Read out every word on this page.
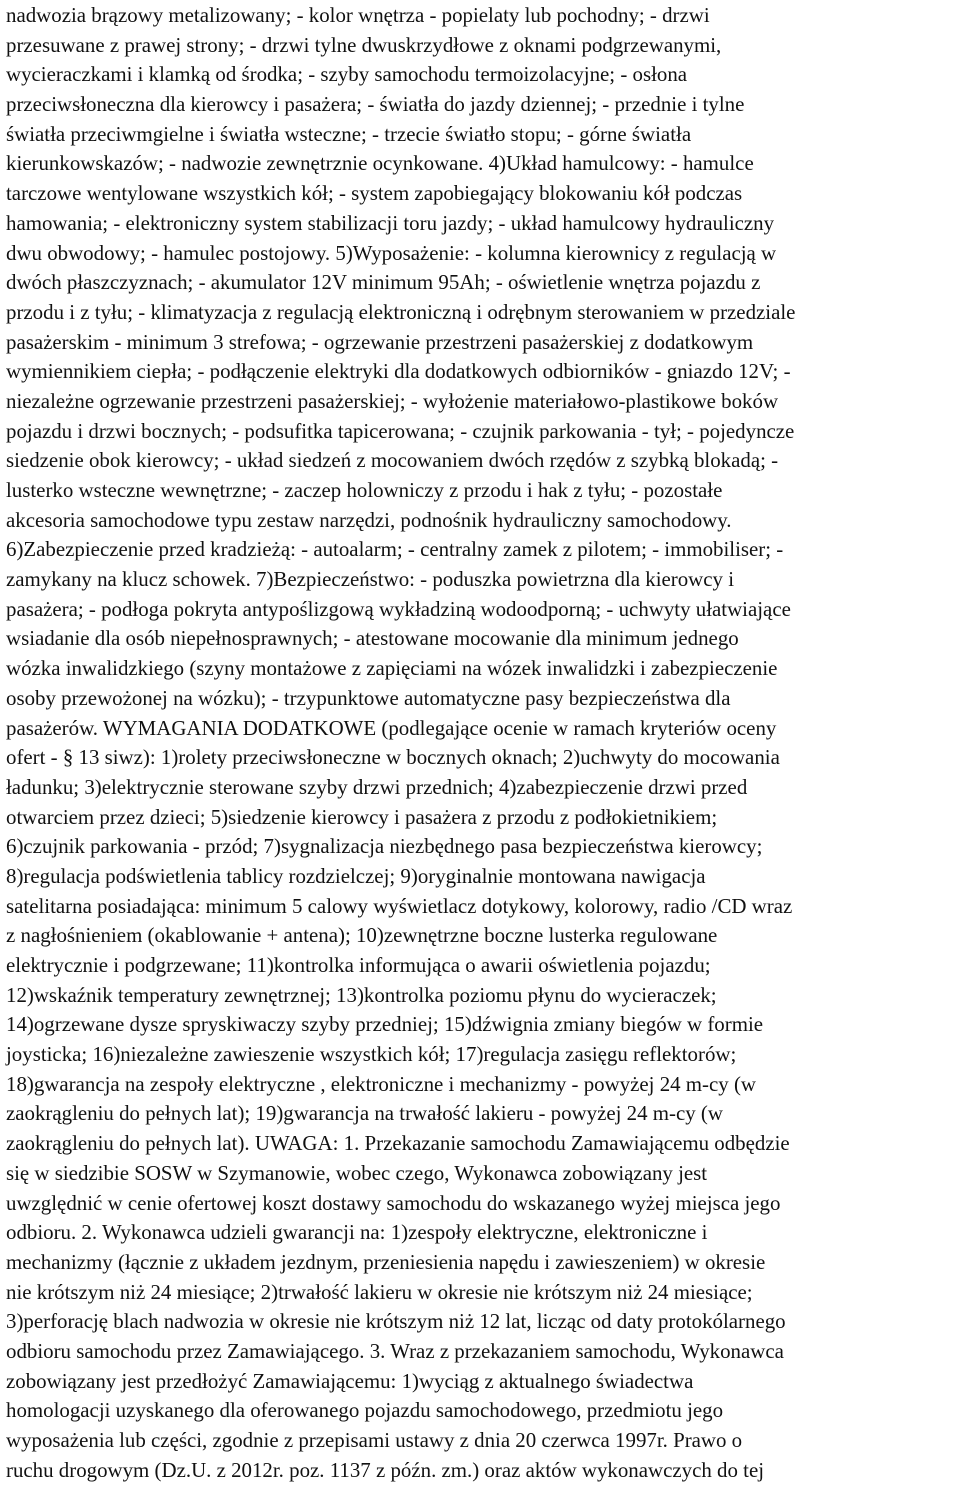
nadwozia brązowy metalizowany; - kolor wnętrza - popielaty lub pochodny; - drzwi
przesuwane z prawej strony; - drzwi tylne dwuskrzydłowe z oknami podgrzewanymi,
wycieraczkami i klamką od środka; - szyby samochodu termoizolacyjne; - osłona
przeciwsłoneczna dla kierowcy i pasażera; - światła do jazdy dziennej; - przednie i tylne
światła przeciwmgielne i światła wsteczne; - trzecie światło stopu; - górne światła
kierunkowskazów; - nadwozie zewnętrznie ocynkowane. 4)Układ hamulcowy: - hamulce
tarczowe wentylowane wszystkich kół; - system zapobiegający blokowaniu kół podczas
hamowania; - elektroniczny system stabilizacji toru jazdy; - układ hamulcowy hydrauliczny
dwu obwodowy; - hamulec postojowy. 5)Wyposażenie: - kolumna kierownicy z regulacją w
dwóch płaszczyznach; - akumulator 12V minimum 95Ah; - oświetlenie wnętrza pojazdu z
przodu i z tyłu; - klimatyzacja z regulacją elektroniczną i odrębnym sterowaniem w przedziale
pasażerskim - minimum 3 strefowa; - ogrzewanie przestrzeni pasażerskiej z dodatkowym
wymiennikiem ciepła; - podłączenie elektryki dla dodatkowych odbiorników - gniazdo 12V; -
niezależne ogrzewanie przestrzeni pasażerskiej; - wyłożenie materiałowo-plastikowe boków
pojazdu i drzwi bocznych; - podsufitka tapicerowana; - czujnik parkowania - tył; - pojedyncze
siedzenie obok kierowcy; - układ siedzeń z mocowaniem dwóch rzędów z szybką blokadą; -
lusterko wsteczne wewnętrzne; - zaczep holowniczy z przodu i hak z tyłu; - pozostałe
akcesoria samochodowe typu zestaw narzędzi, podnośnik hydrauliczny samochodowy.
6)Zabezpieczenie przed kradzieżą: - autoalarm; - centralny zamek z pilotem; - immobiliser; -
zamykany na klucz schowek. 7)Bezpieczeństwo: - poduszka powietrzna dla kierowcy i
pasażera; - podłoga pokryta antypoślizgową wykładziną wodoodporną; - uchwyty ułatwiające
wsiadanie dla osób niepełnosprawnych; - atestowane mocowanie dla minimum jednego
wózka inwalidzkiego (szyny montażowe z zapięciami na wózek inwalidzki i zabezpieczenie
osoby przewożonej na wózku); - trzypunktowe automatyczne pasy bezpieczeństwa dla
pasażerów. WYMAGANIA DODATKOWE (podlegające ocenie w ramach kryteriów oceny
ofert - § 13 siwz): 1)rolety przeciwsłoneczne w bocznych oknach; 2)uchwyty do mocowania
ładunku; 3)elektrycznie sterowane szyby drzwi przednich; 4)zabezpieczenie drzwi przed
otwarciem przez dzieci; 5)siedzenie kierowcy i pasażera z przodu z podłokietnikiem;
6)czujnik parkowania - przód; 7)sygnalizacja niezbędnego pasa bezpieczeństwa kierowcy;
8)regulacja podświetlenia tablicy rozdzielczej; 9)oryginalnie montowana nawigacja
satelitarna posiadająca: minimum 5 calowy wyświetlacz dotykowy, kolorowy, radio /CD wraz
z nagłośnieniem (okablowanie + antena); 10)zewnętrzne boczne lusterka regulowane
elektrycznie i podgrzewane; 11)kontrolka informująca o awarii oświetlenia pojazdu;
12)wskaźnik temperatury zewnętrznej; 13)kontrolka poziomu płynu do wycieraczek;
14)ogrzewane dysze spryskiwaczy szyby przedniej; 15)dźwignia zmiany biegów w formie
joysticka; 16)niezależne zawieszenie wszystkich kół; 17)regulacja zasięgu reflektorów;
18)gwarancja na zespoły elektryczne , elektroniczne i mechanizmy - powyżej 24 m-cy (w
zaokrągleniu do pełnych lat); 19)gwarancja na trwałość lakieru - powyżej 24 m-cy (w
zaokrągleniu do pełnych lat). UWAGA: 1. Przekazanie samochodu Zamawiającemu odbędzie
się w siedzibie SOSW w Szymanowie, wobec czego, Wykonawca zobowiązany jest
uwzględnić w cenie ofertowej koszt dostawy samochodu do wskazanego wyżej miejsca jego
odbioru. 2. Wykonawca udzieli gwarancji na: 1)zespoły elektryczne, elektroniczne i
mechanizmy (łącznie z układem jezdnym, przeniesienia napędu i zawieszeniem) w okresie
nie krótszym niż 24 miesiące; 2)trwałość lakieru w okresie nie krótszym niż 24 miesiące;
3)perforację blach nadwozia w okresie nie krótszym niż 12 lat, licząc od daty protokólarnego
odbioru samochodu przez Zamawiającego. 3. Wraz z przekazaniem samochodu, Wykonawca
zobowiązany jest przedłożyć Zamawiającemu: 1)wyciąg z aktualnego świadectwa
homologacji uzyskanego dla oferowanego pojazdu samochodowego, przedmiotu jego
wyposażenia lub części, zgodnie z przepisami ustawy z dnia 20 czerwca 1997r. Prawo o
ruchu drogowym (Dz.U. z 2012r. poz. 1137 z późn. zm.) oraz aktów wykonawczych do tej
